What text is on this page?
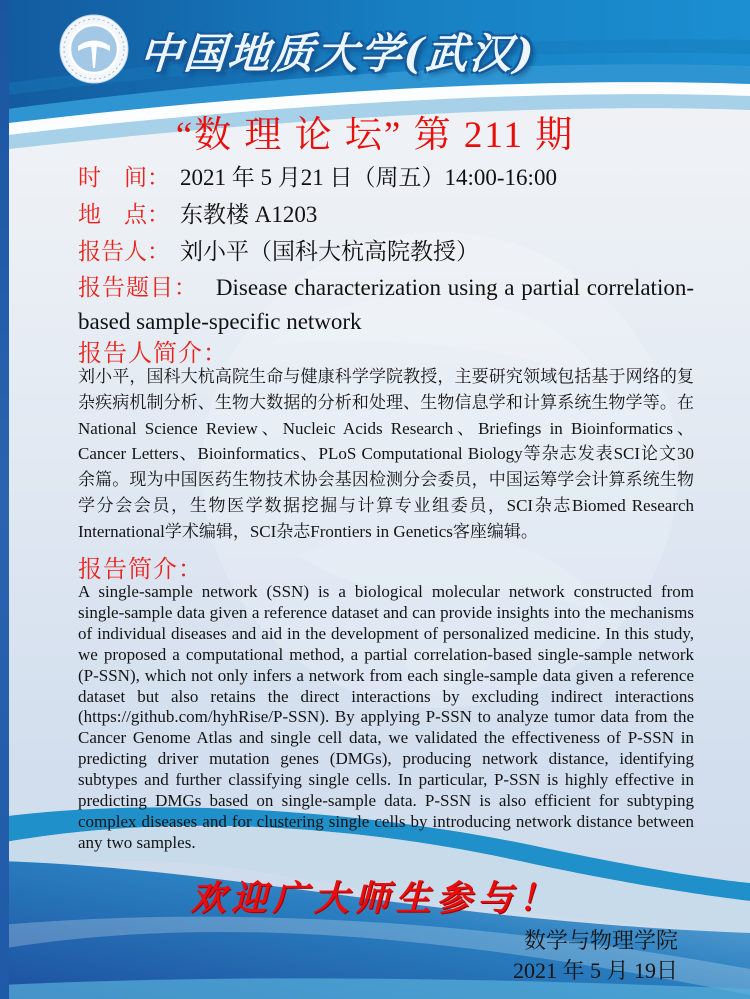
中国地质大学(武汉)
“数 理 论 坛” 第 211 期
时　间： 2021 年 5 月21 日（周五）14:00-16:00
地　点： 东教楼 A1203
报告人： 刘小平（国科大杭高院教授）
报告题目： Disease characterization using a partial correlation-based sample-specific network
报告人简介：

刘小平，国科大杭高院生命与健康科学学院教授，主要研究领域包括基于网络的复杂疾病机制分析、生物大数据的分析和处理、生物信息学和计算系统生物学等。在National Science Review、Nucleic Acids Research、Briefings in Bioinformatics、Cancer Letters、Bioinformatics、PLoS Computational Biology等杂志发表SCI论文30余篇。现为中国医药生物技术协会基因检测分会委员，中国运筹学会计算系统生物学分会会员，生物医学数据挖掘与计算专业组委员，SCI杂志Biomed Research International学术编辑，SCI杂志Frontiers in Genetics客座编辑。

报告简介：

A single-sample network (SSN) is a biological molecular network constructed from single-sample data given a reference dataset and can provide insights into the mechanisms of individual diseases and aid in the development of personalized medicine. In this study, we proposed a computational method, a partial correlation-based single-sample network (P-SSN), which not only infers a network from each single-sample data given a reference dataset but also retains the direct interactions by excluding indirect interactions (https://github.com/hyhRise/P-SSN). By applying P-SSN to analyze tumor data from the Cancer Genome Atlas and single cell data, we validated the effectiveness of P-SSN in predicting driver mutation genes (DMGs), producing network distance, identifying subtypes and further classifying single cells. In particular, P-SSN is highly effective in predicting DMGs based on single-sample data. P-SSN is also efficient for subtyping complex diseases and for clustering single cells by introducing network distance between any two samples.

欢迎广大师生参与！
数学与物理学院
2021 年 5 月 19日
